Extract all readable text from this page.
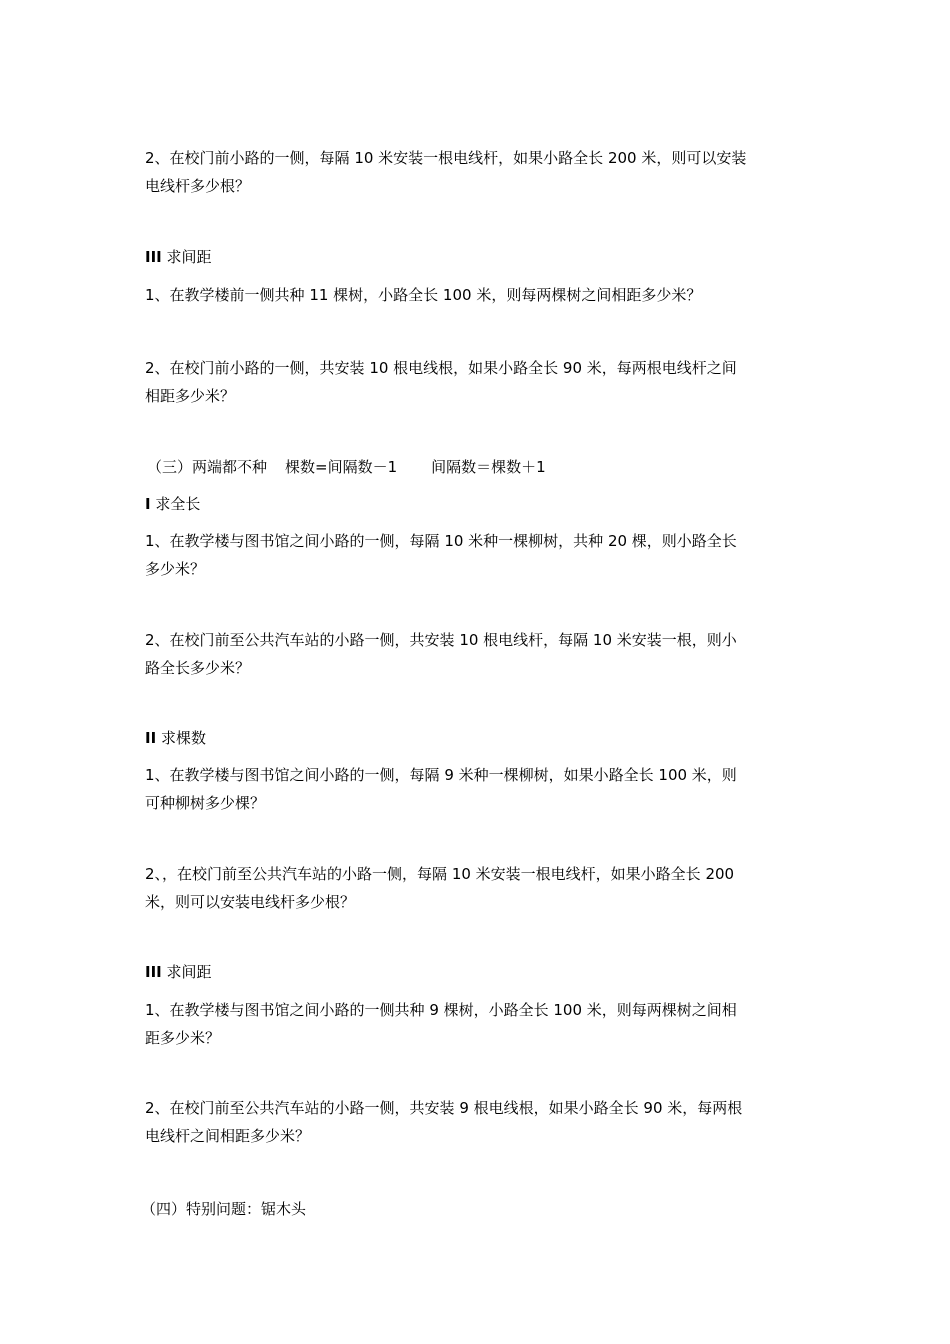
2、在校门前小路的一侧，每隔 10 米安装一根电线杆，如果小路全长 200 米，则可以安装
电线杆多少根？
III 求间距
1、在教学楼前一侧共种 11 棵树，小路全长 100 米，则每两棵树之间相距多少米？
2、在校门前小路的一侧，共安装 10 根电线根，如果小路全长 90 米，每两根电线杆之间
相距多少米？
（三）两端都不种 棵数=间隔数－1 间隔数＝棵数＋1
I 求全长
1、在教学楼与图书馆之间小路的一侧，每隔 10 米种一棵柳树，共种 20 棵，则小路全长
多少米？
2、在校门前至公共汽车站的小路一侧，共安装 10 根电线杆，每隔 10 米安装一根，则小
路全长多少米？
II 求棵数
1、在教学楼与图书馆之间小路的一侧，每隔 9 米种一棵柳树，如果小路全长 100 米，则
可种柳树多少棵？
2、，在校门前至公共汽车站的小路一侧，每隔 10 米安装一根电线杆，如果小路全长 200
米，则可以安装电线杆多少根？
III 求间距
1、在教学楼与图书馆之间小路的一侧共种 9 棵树，小路全长 100 米，则每两棵树之间相
距多少米？
2、在校门前至公共汽车站的小路一侧，共安装 9 根电线根，如果小路全长 90 米，每两根
电线杆之间相距多少米？
（四）特别问题：锯木头
